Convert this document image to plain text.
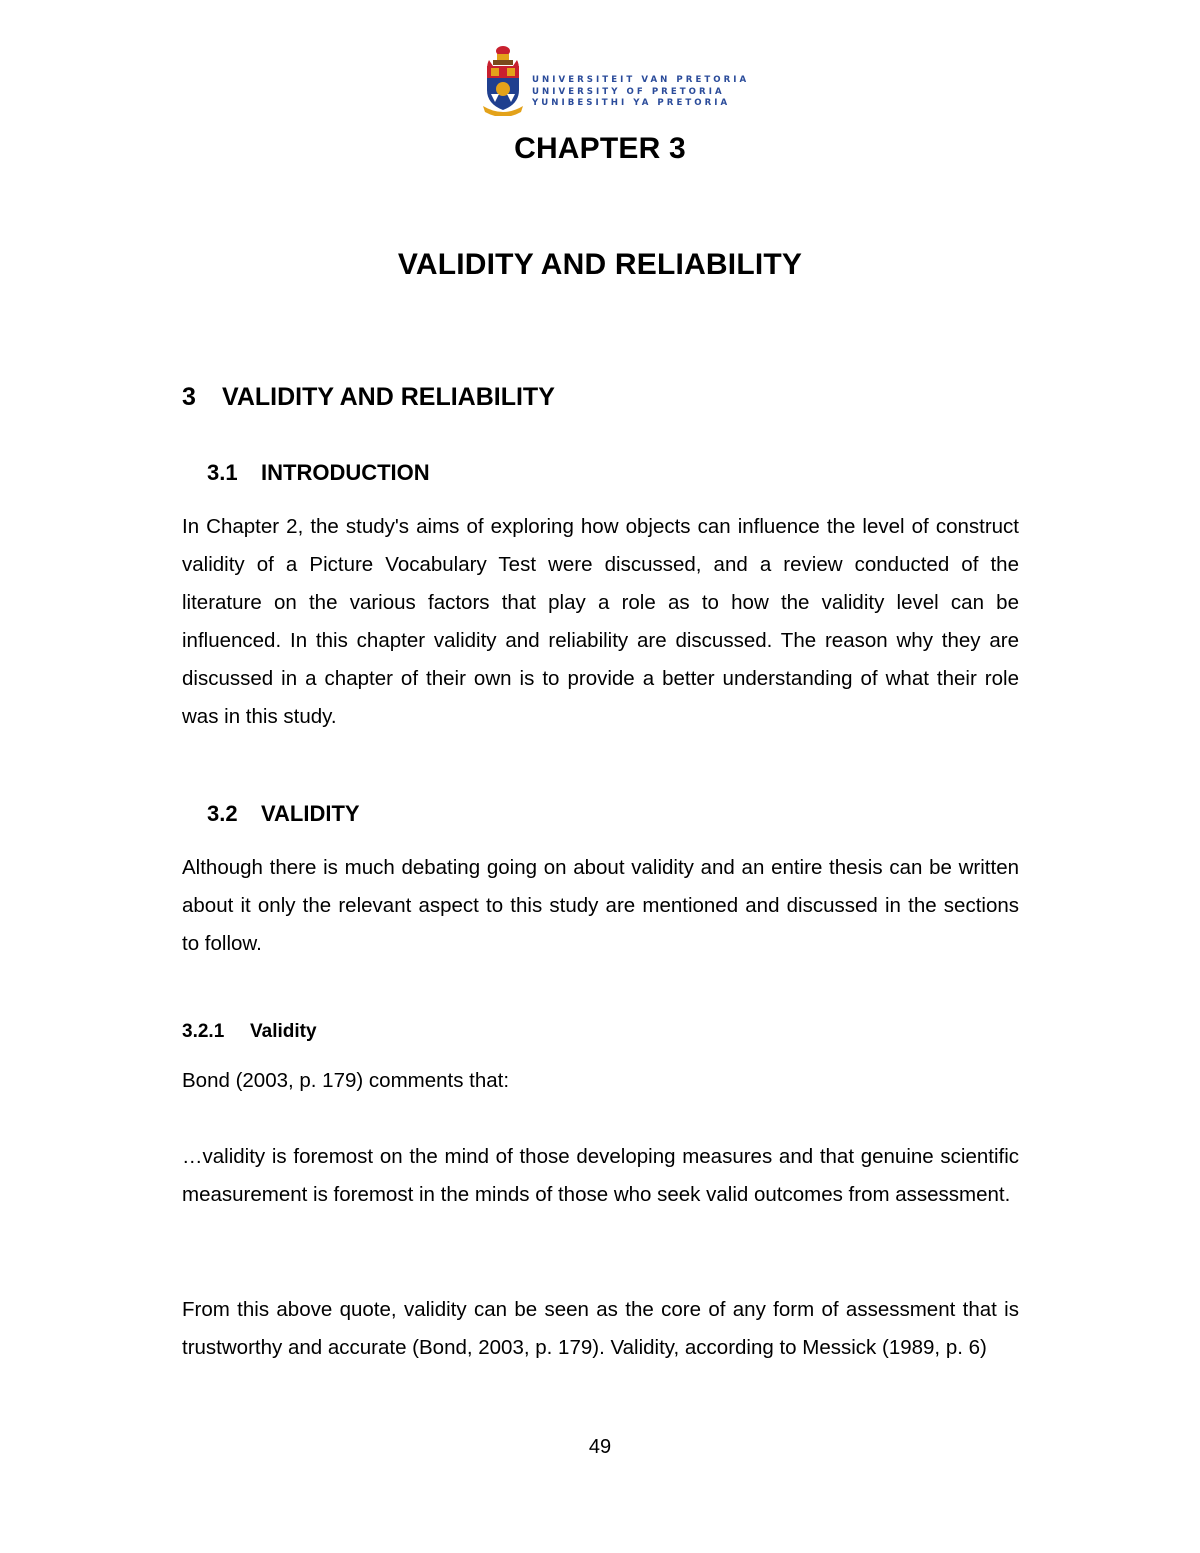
UNIVERSITEIT VAN PRETORIA
UNIVERSITY OF PRETORIA
YUNIBESITHI YA PRETORIA
CHAPTER 3
VALIDITY AND RELIABILITY
3 VALIDITY AND RELIABILITY
3.1 INTRODUCTION

In Chapter 2, the study's aims of exploring how objects can influence the level of construct validity of a Picture Vocabulary Test were discussed, and a review conducted of the literature on the various factors that play a role as to how the validity level can be influenced. In this chapter validity and reliability are discussed. The reason why they are discussed in a chapter of their own is to provide a better understanding of what their role was in this study.

3.2 VALIDITY

Although there is much debating going on about validity and an entire thesis can be written about it only the relevant aspect to this study are mentioned and discussed in the sections to follow.

3.2.1 Validity

Bond (2003, p. 179) comments that:

…validity is foremost on the mind of those developing measures and that genuine scientific measurement is foremost in the minds of those who seek valid outcomes from assessment.

From this above quote, validity can be seen as the core of any form of assessment that is trustworthy and accurate (Bond, 2003, p. 179). Validity, according to Messick (1989, p. 6)

49
